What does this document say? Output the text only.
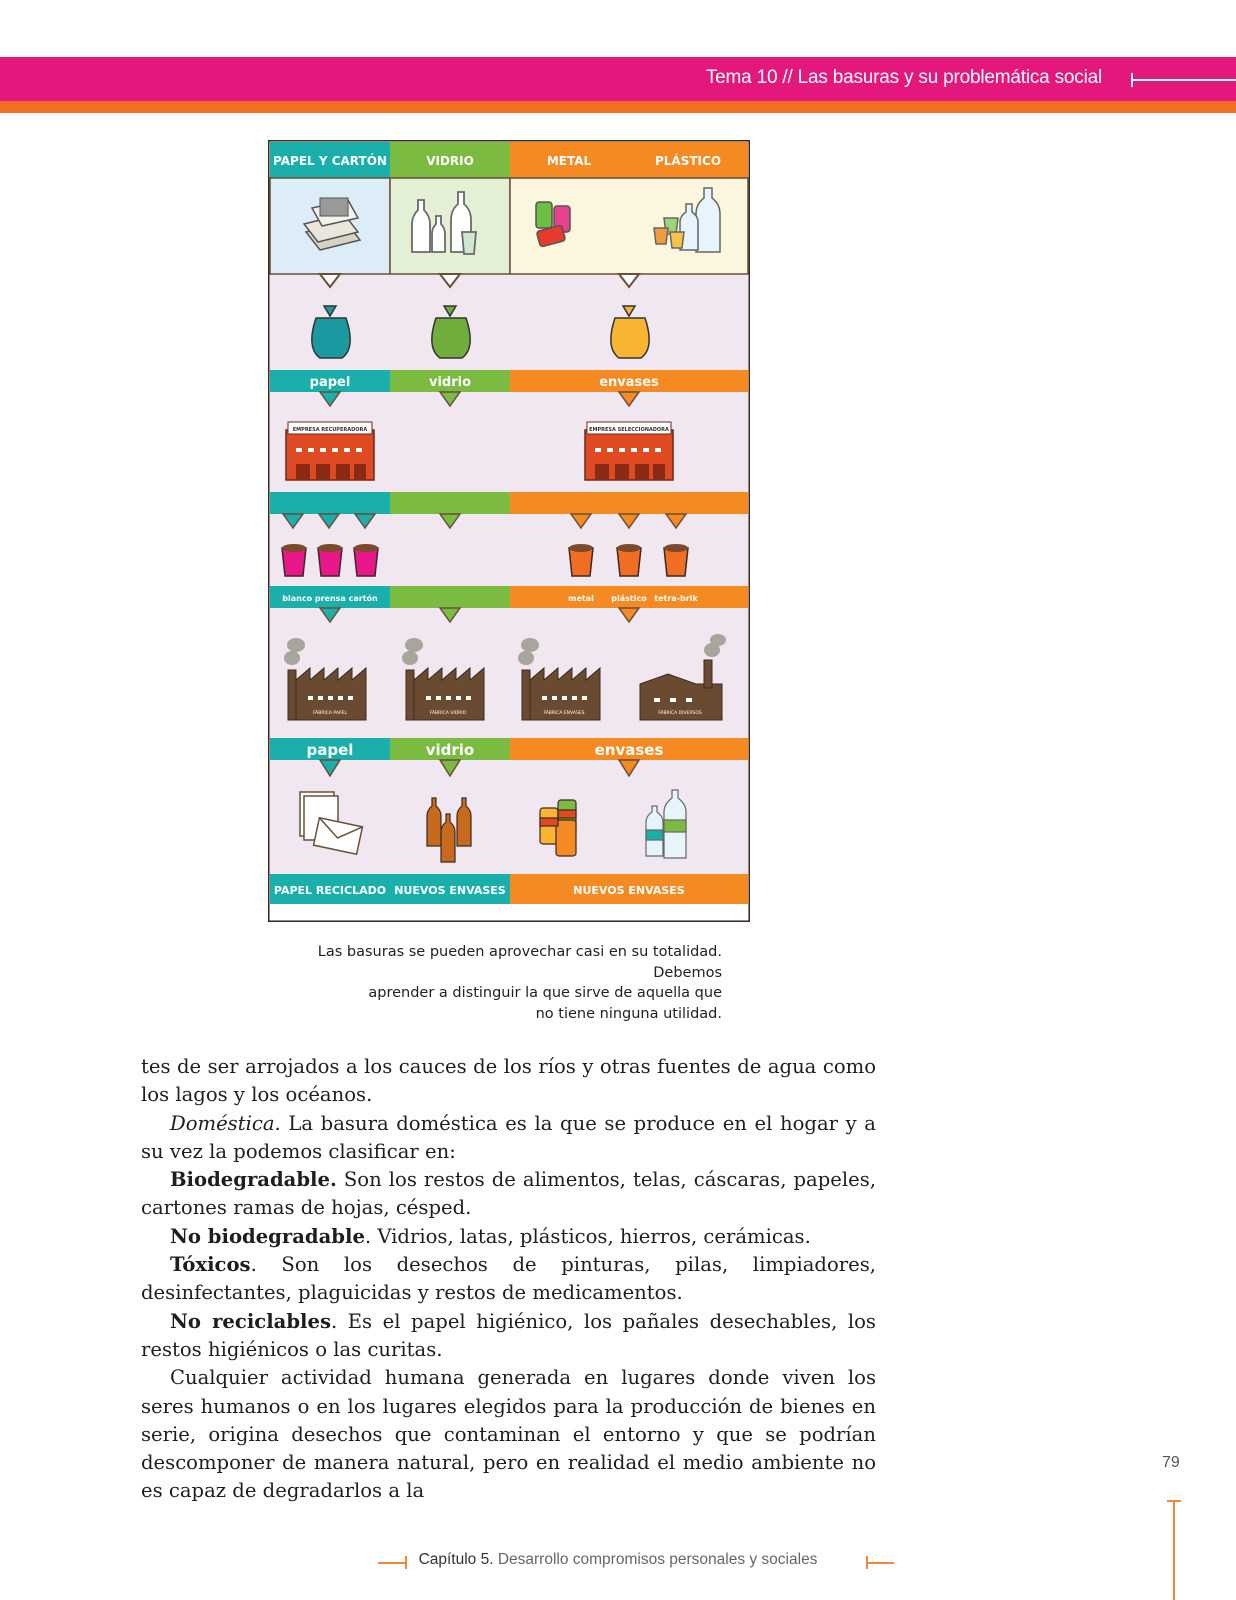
Tema 10 // Las basuras y su problemática social
PAPEL Y CARTÓN	VIDRIO	METAL	PLÁSTICO
papel	vidrio	envases
EMPRESA RECUPERADORA	EMPRESA SELECCIONADORA
blanco prensa cartón	metal plástico tetra-brik
FÁBRICA PAPEL	FÁBRICA VIDRIO	FÁBRICA ENVASES	FÁBRICA DIVERSOS
papel	vidrio	envases
PAPEL RECICLADO NUEVOS ENVASES	NUEVOS ENVASES
Las basuras se pueden aprovechar casi en su totalidad. Debemos
aprender a distinguir la que sirve de aquella que
no tiene ninguna utilidad.

tes de ser arrojados a los cauces de los ríos y otras fuentes de agua como los lagos y los océanos.

Doméstica. La basura doméstica es la que se produce en el hogar y a su vez la podemos clasificar en:

Biodegradable. Son los restos de alimentos, telas, cáscaras, papeles, cartones ramas de hojas, césped.

No biodegradable. Vidrios, latas, plásticos, hierros, cerámicas.

Tóxicos. Son los desechos de pinturas, pilas, limpiadores, desinfectantes, plaguicidas y restos de medicamentos.

No reciclables. Es el papel higiénico, los pañales desechables, los restos higiénicos o las curitas.

Cualquier actividad humana generada en lugares donde viven los seres humanos o en los lugares elegidos para la producción de bienes en serie, origina desechos que contaminan el entorno y que se podrían descomponer de manera natural, pero en realidad el medio ambiente no es capaz de degradarlos a la

79
Capítulo 5. Desarrollo compromisos personales y sociales
